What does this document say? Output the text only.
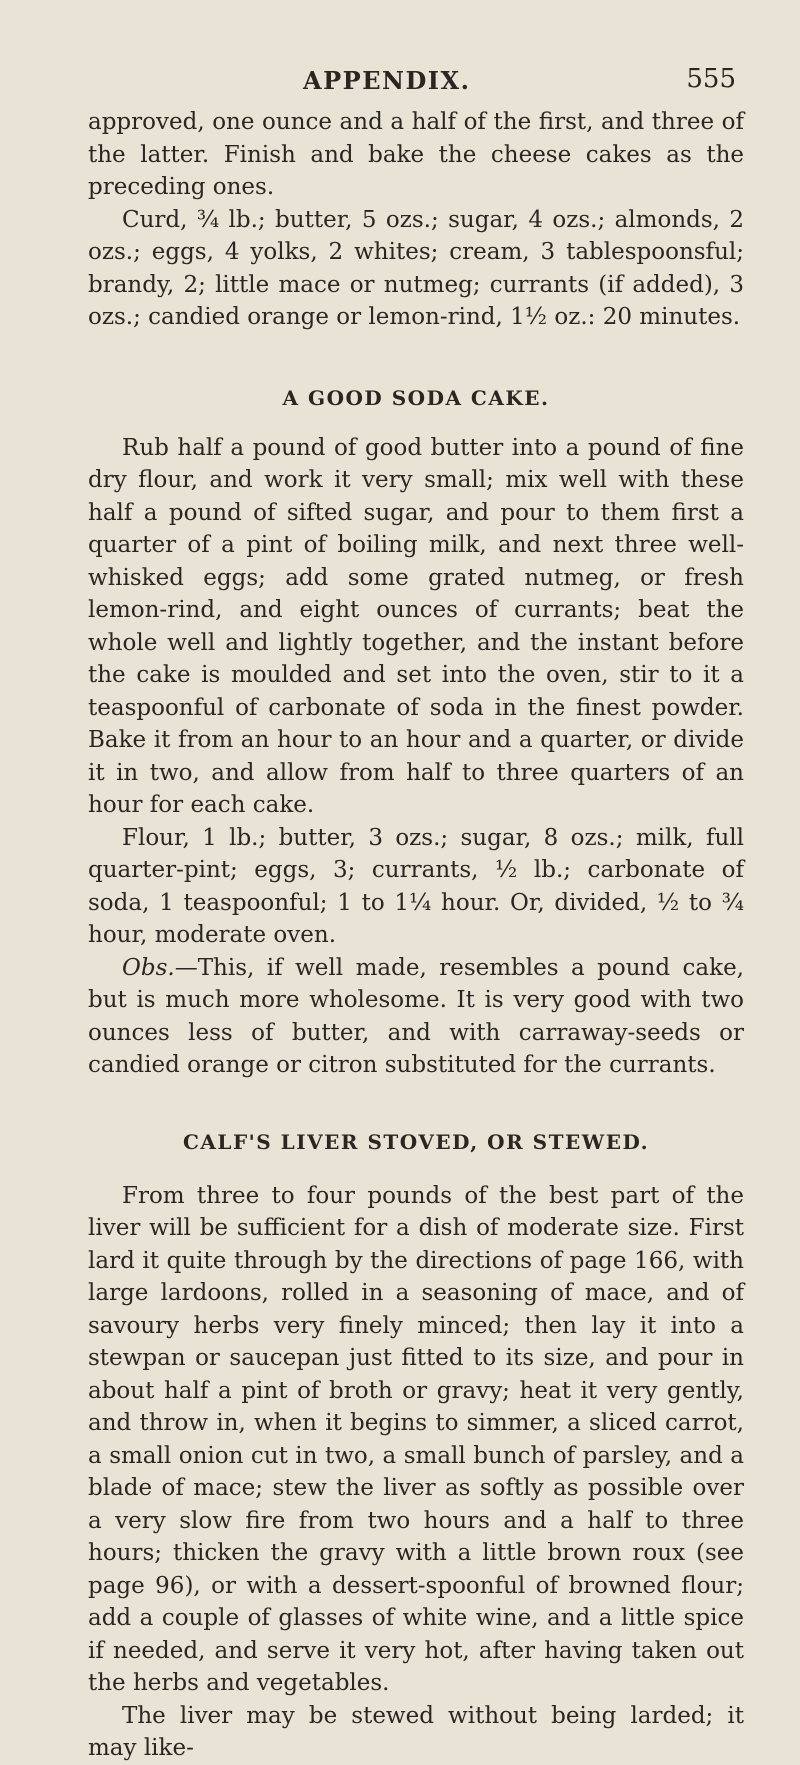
APPENDIX.	555

approved, one ounce and a half of the first, and three of the latter. Finish and bake the cheese cakes as the preceding ones.

Curd, ¾ lb.; butter, 5 ozs.; sugar, 4 ozs.; almonds, 2 ozs.; eggs, 4 yolks, 2 whites; cream, 3 tablespoonsful; brandy, 2; little mace or nutmeg; currants (if added), 3 ozs.; candied orange or lemon-rind, 1½ oz.: 20 minutes.

A GOOD SODA CAKE.

Rub half a pound of good butter into a pound of fine dry flour, and work it very small; mix well with these half a pound of sifted sugar, and pour to them first a quarter of a pint of boiling milk, and next three well-whisked eggs; add some grated nutmeg, or fresh lemon-rind, and eight ounces of currants; beat the whole well and lightly together, and the instant before the cake is moulded and set into the oven, stir to it a teaspoonful of carbonate of soda in the finest powder. Bake it from an hour to an hour and a quarter, or divide it in two, and allow from half to three quarters of an hour for each cake.

Flour, 1 lb.; butter, 3 ozs.; sugar, 8 ozs.; milk, full quarter-pint; eggs, 3; currants, ½ lb.; carbonate of soda, 1 teaspoonful; 1 to 1¼ hour. Or, divided, ½ to ¾ hour, moderate oven.

Obs.—This, if well made, resembles a pound cake, but is much more wholesome. It is very good with two ounces less of butter, and with carraway-seeds or candied orange or citron substituted for the currants.

CALF'S LIVER STOVED, OR STEWED.

From three to four pounds of the best part of the liver will be sufficient for a dish of moderate size. First lard it quite through by the directions of page 166, with large lardoons, rolled in a seasoning of mace, and of savoury herbs very finely minced; then lay it into a stewpan or saucepan just fitted to its size, and pour in about half a pint of broth or gravy; heat it very gently, and throw in, when it begins to simmer, a sliced carrot, a small onion cut in two, a small bunch of parsley, and a blade of mace; stew the liver as softly as possible over a very slow fire from two hours and a half to three hours; thicken the gravy with a little brown roux (see page 96), or with a dessert-spoonful of browned flour; add a couple of glasses of white wine, and a little spice if needed, and serve it very hot, after having taken out the herbs and vegetables.

The liver may be stewed without being larded; it may like-
